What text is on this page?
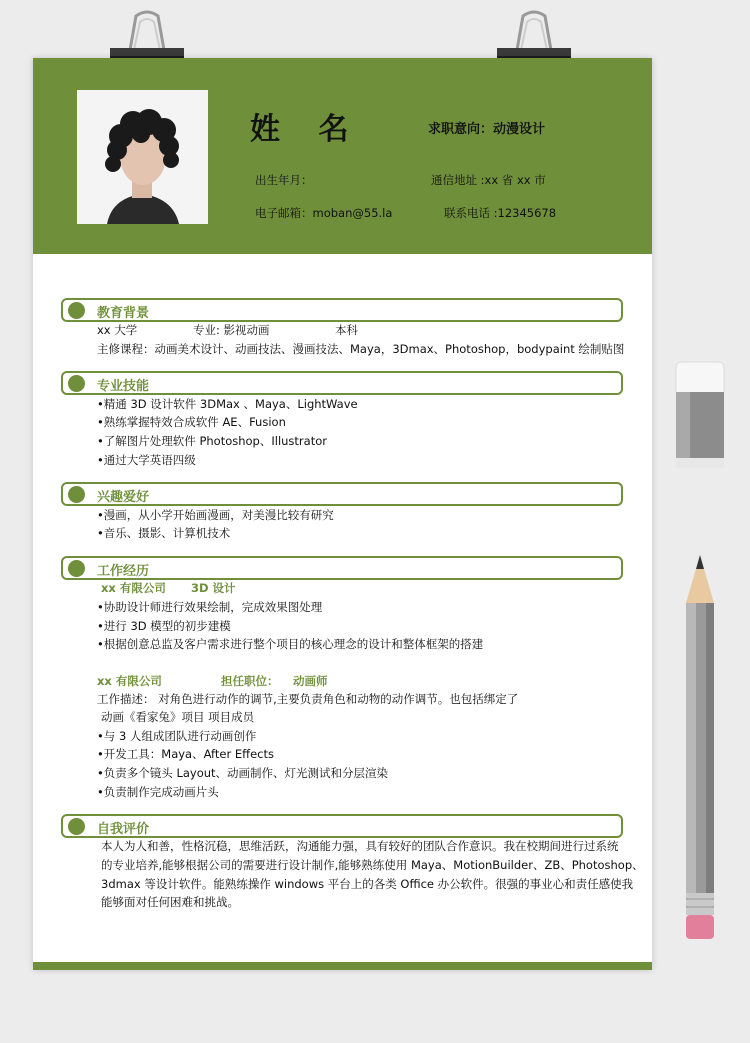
姓 名	求职意向：动漫设计
出生年月：	通信地址 :xx 省 xx 市
电子邮箱：moban@55.la	联系电话 :12345678
教育背景
xx 大学	专业: 影视动画	本科
主修课程：动画美术设计、动画技法、漫画技法、Maya，3Dmax、Photoshop，bodypaint 绘制贴图
专业技能
•精通 3D 设计软件 3DMax 、Maya、LightWave
•熟练掌握特效合成软件 AE、Fusion
•了解图片处理软件 Photoshop、Illustrator
•通过大学英语四级
兴趣爱好
•漫画，从小学开始画漫画，对美漫比较有研究
•音乐、摄影、计算机技术
工作经历
xx 有限公司 3D 设计
•协助设计师进行效果绘制，完成效果图处理
•进行 3D 模型的初步建模
•根据创意总监及客户需求进行整个项目的核心理念的设计和整体框架的搭建
xx 有限公司	担任职位： 动画师
工作描述： 对角色进行动作的调节,主要负责角色和动物的动作调节。也包括绑定了
动画《看家兔》项目 项目成员
•与 3 人组成团队进行动画创作
•开发工具：Maya、After Effects
•负责多个镜头 Layout、动画制作、灯光测试和分层渲染
•负责制作完成动画片头
自我评价
本人为人和善，性格沉稳，思维活跃，沟通能力强，具有较好的团队合作意识。我在校期间进行过系统
的专业培养,能够根据公司的需要进行设计制作,能够熟练使用 Maya、MotionBuilder、ZB、Photoshop、
3dmax 等设计软件。能熟练操作 windows 平台上的各类 Office 办公软件。很强的事业心和责任感使我
能够面对任何困难和挑战。
